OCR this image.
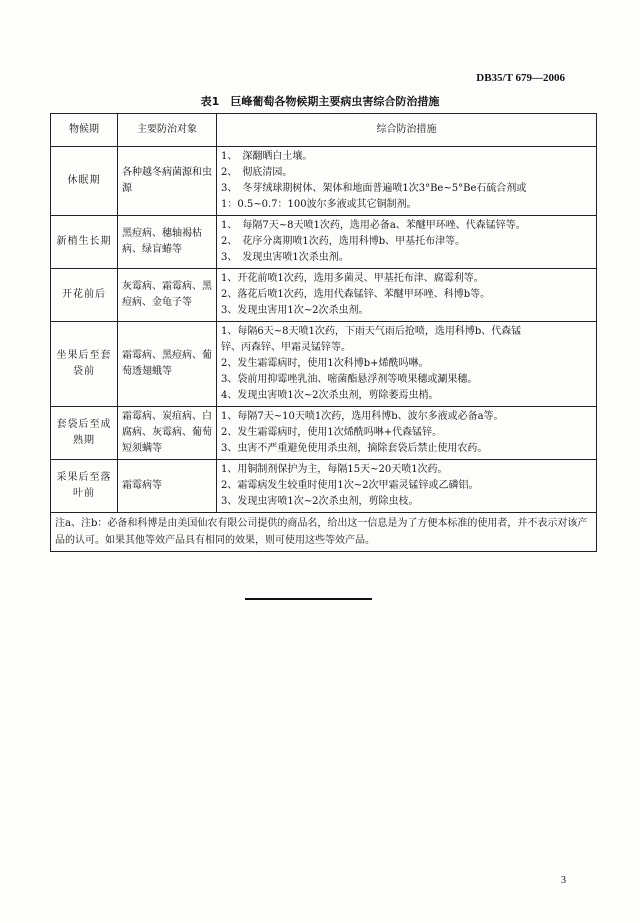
DB35/T 679—2006
表1　巨峰葡萄各物候期主要病虫害综合防治措施
物候期	主要防治对象	综合防治措施
休眠期	各种越冬病菌源和虫源	1、　深翻晒白土壤。
2、　彻底清园。
3、　冬芽绒球期树体、架体和地面普遍喷1次3°Be~5°Be石硫合剂或
1：0.5~0.7：100波尔多液或其它铜制剂。

新梢生长期	黑痘病、穗轴褐枯病、绿盲蝽等	1、　每隔7天~8天喷1次药，选用必备a、苯醚甲环唑、代森锰锌等。
2、　花序分离期喷1次药，选用科博b、甲基托布津等。
3、　发现虫害喷1次杀虫剂。

开花前后	灰霉病、霜霉病、黑痘病、金龟子等	1、开花前喷1次药，选用多菌灵、甲基托布津、腐霉利等。
2、落花后喷1次药，选用代森锰锌、苯醚甲环唑、科博b等。
3、发现虫害用1次~2次杀虫剂。

坐果后至套袋前	霜霉病、黑痘病、葡萄透翅蛾等	1、每隔6天~8天喷1次药，下雨天气雨后抢喷，选用科博b、代森锰
锌、丙森锌、甲霜灵锰锌等。
2、发生霜霉病时，使用1次科博b+烯酰吗啉。
3、袋前用抑霉唑乳油、嘧菌酯悬浮剂等喷果穗或涮果穗。
4、发现虫害喷1次~2次杀虫剂，剪除萎焉虫梢。

套袋后至成熟期	霜霉病、炭疽病、白腐病、灰霉病、葡萄短须螨等	1、每隔7天~10天喷1次药，选用科博b、波尔多液或必备a等。
2、发生霜霉病时，使用1次烯酰吗啉+代森锰锌。
3、虫害不严重避免使用杀虫剂，摘除套袋后禁止使用农药。

采果后至落叶前	霜霉病等	1、用铜制剂保护为主，每隔15天~20天喷1次药。
2、霜霉病发生较重时使用1次~2次甲霜灵锰锌或乙磷铝。
3、发现虫害喷1次~2次杀虫剂，剪除虫枝。

注a、注b：必备和科博是由美国仙农有限公司提供的商品名，给出这一信息是为了方便本标准的使用者，并不表示对该产品的认可。如果其他等效产品具有相同的效果，则可使用这些等效产品。		
3
